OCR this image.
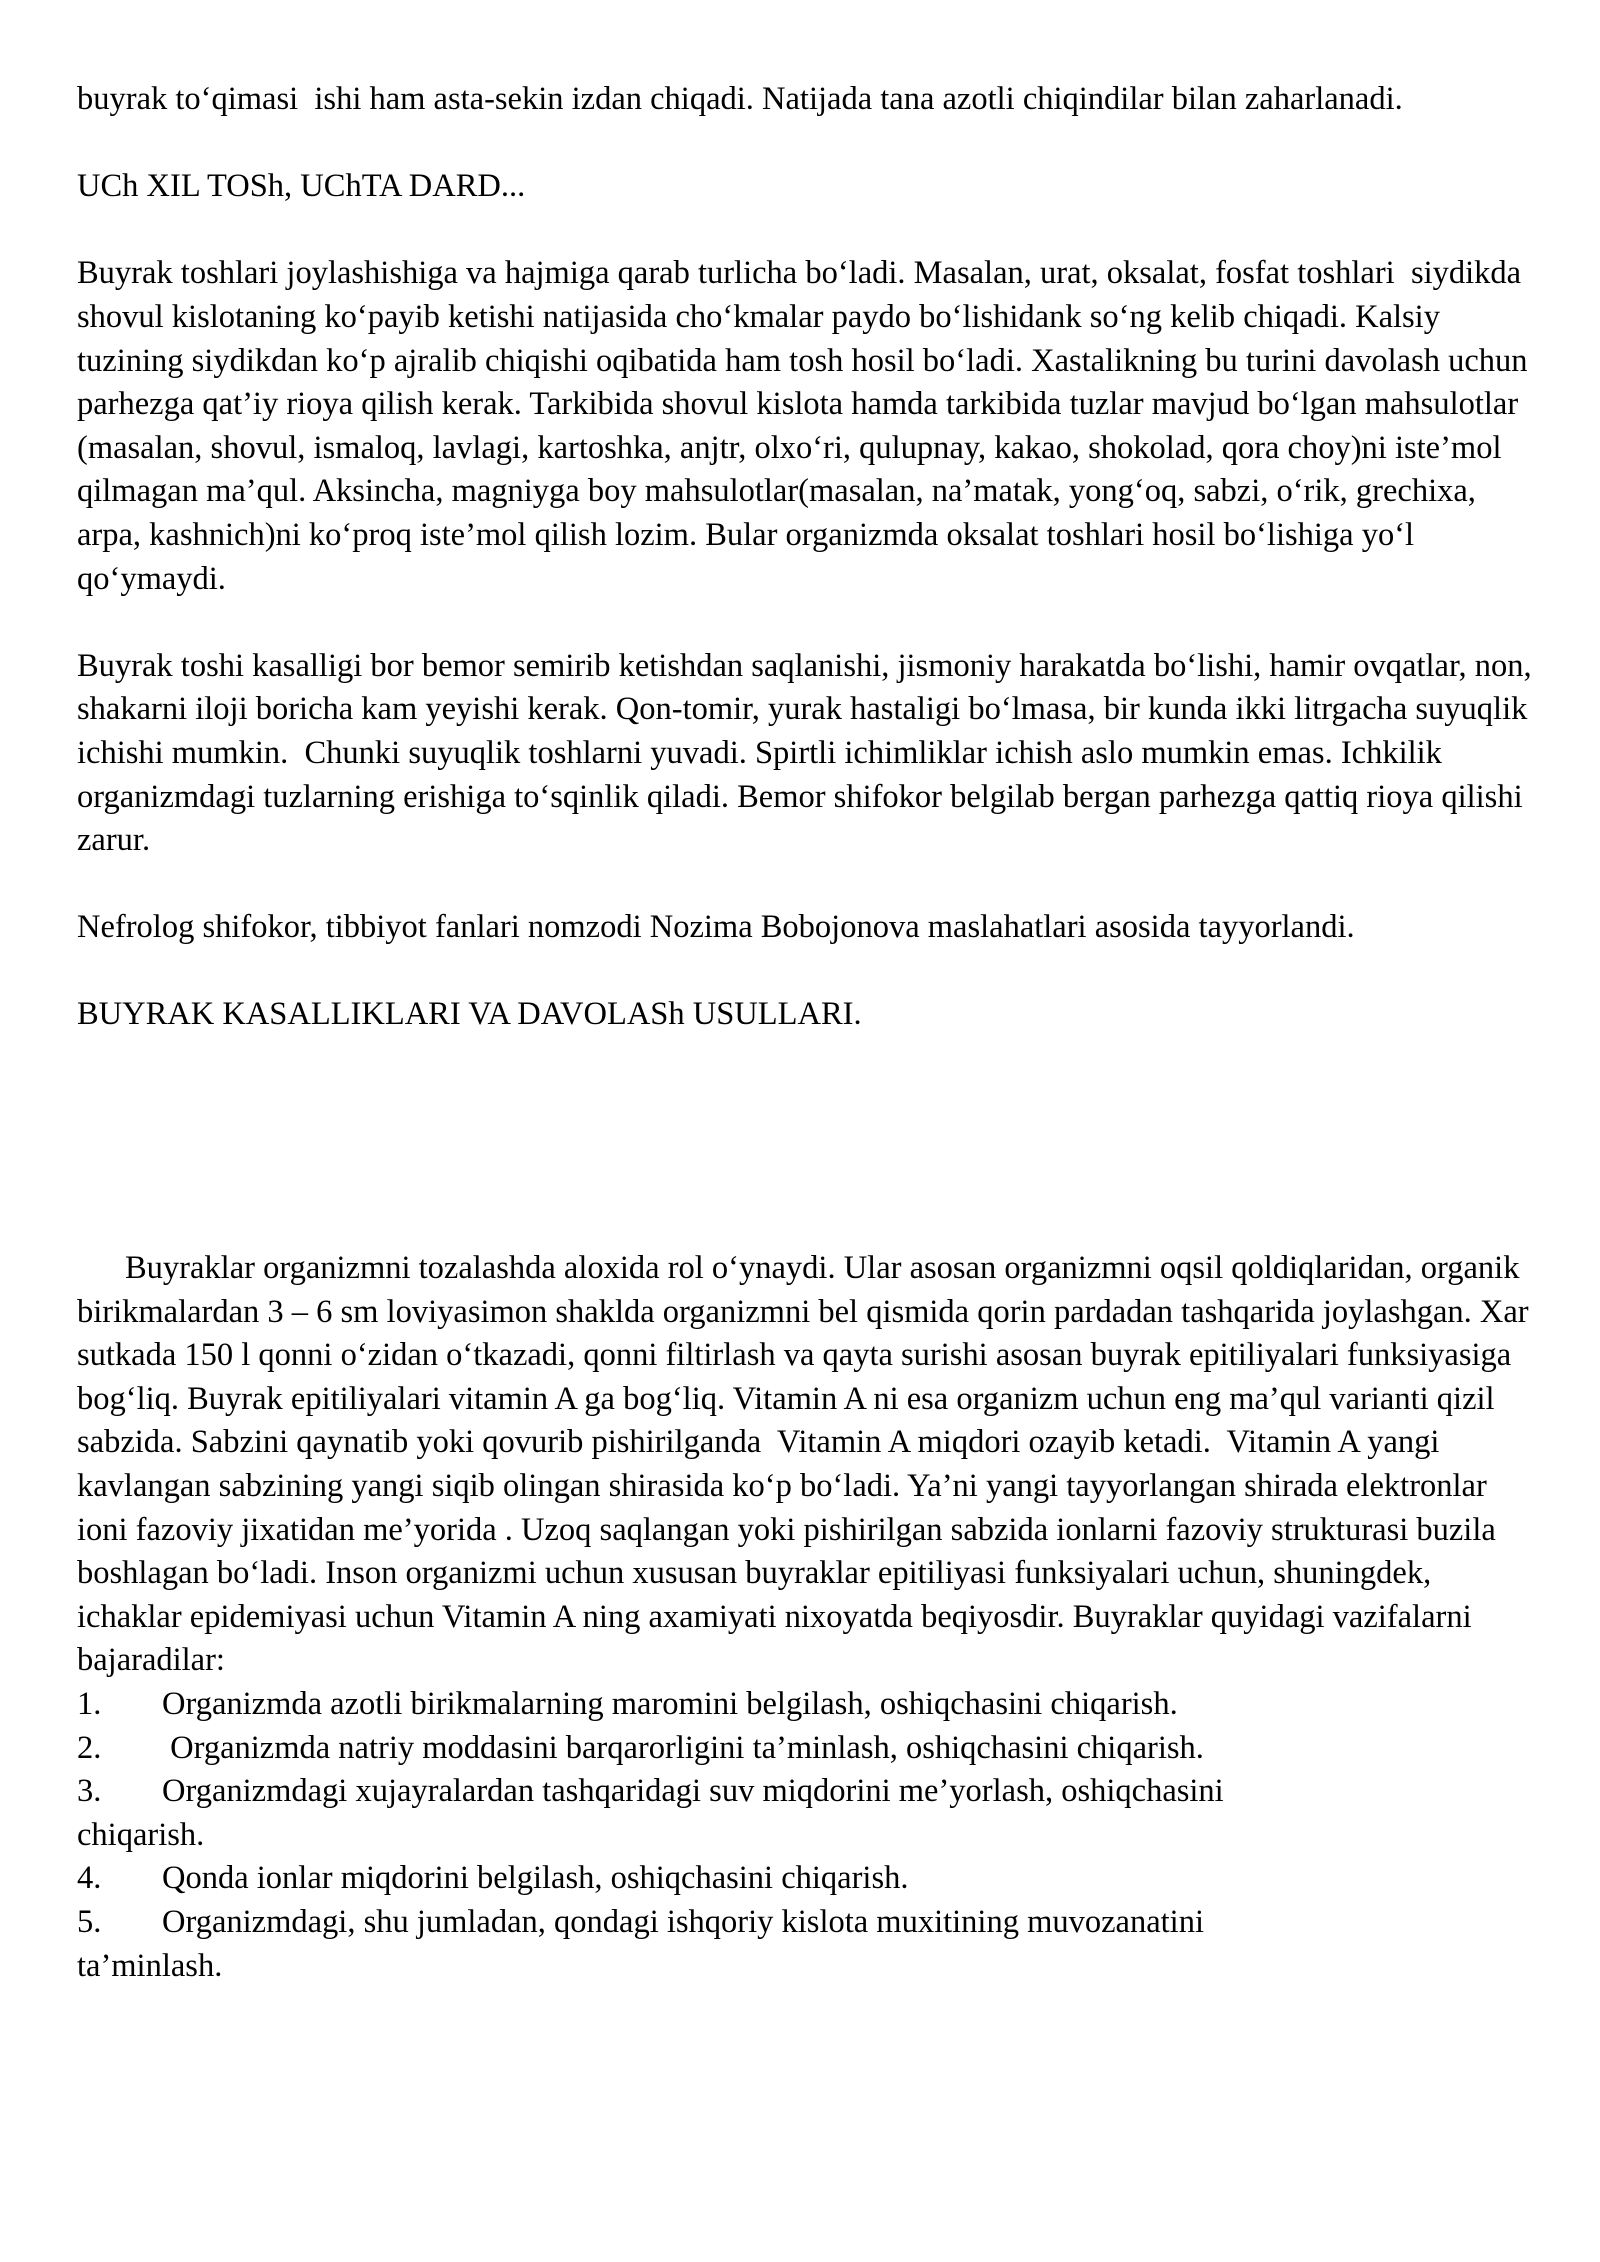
buyrak to‘qimasi  ishi ham asta-sekin izdan chiqadi. Natijada tana azotli chiqindilar bilan zaharlanadi.

UCh XIL TOSh, UChTA DARD...

Buyrak toshlari joylashishiga va hajmiga qarab turlicha bo‘ladi. Masalan, urat, oksalat, fosfat toshlari  siydikda shovul kislotaning ko‘payib ketishi natijasida cho‘kmalar paydo bo‘lishidank so‘ng kelib chiqadi. Kalsiy tuzining siydikdan ko‘p ajralib chiqishi oqibatida ham tosh hosil bo‘ladi. Xastalikning bu turini davolash uchun parhezga qat’iy rioya qilish kerak. Tarkibida shovul kislota hamda tarkibida tuzlar mavjud bo‘lgan mahsulotlar  (masalan, shovul, ismaloq, lavlagi, kartoshka, anjtr, olxo‘ri, qulupnay, kakao, shokolad, qora choy)ni iste’mol qilmagan ma’qul. Aksincha, magniyga boy mahsulotlar(masalan, na’matak, yong‘oq, sabzi, o‘rik, grechixa, arpa, kashnich)ni ko‘proq iste’mol qilish lozim. Bular organizmda oksalat toshlari hosil bo‘lishiga yo‘l qo‘ymaydi.

Buyrak toshi kasalligi bor bemor semirib ketishdan saqlanishi, jismoniy harakatda bo‘lishi, hamir ovqatlar, non, shakarni iloji boricha kam yeyishi kerak. Qon-tomir, yurak hastaligi bo‘lmasa, bir kunda ikki litrgacha suyuqlik ichishi mumkin.  Chunki suyuqlik toshlarni yuvadi. Spirtli ichimliklar ichish aslo mumkin emas. Ichkilik organizmdagi tuzlarning erishiga to‘sqinlik qiladi. Bemor shifokor belgilab bergan parhezga qattiq rioya qilishi zarur.

Nefrolog shifokor, tibbiyot fanlari nomzodi Nozima Bobojonova maslahatlari asosida tayyorlandi.

BUYRAK KASALLIKLARI VA DAVOLASh USULLARI.

Buyraklar organizmni tozalashda aloxida rol o‘ynaydi. Ular asosan organizmni oqsil qoldiqlaridan, organik birikmalardan 3 – 6 sm loviyasimon shakldа organizmni bel qismida qorin pardadan tashqarida joylashgan. Xar sutkada 150 l qonni o‘zidan o‘tkazadi, qonni filtirlash va qayta surishi asosan buyrak epitiliyalari funksiyasiga bog‘liq. Buyrak epitiliyalari vitamin A ga bog‘liq. Vitamin A ni esa organizm uchun eng ma’qul varianti qizil sabzida. Sabzini qaynatib yoki qovurib pishirilganda  Vitamin A miqdori ozayib ketadi.  Vitamin A yangi kavlangan sabzining yangi siqib olingan shirasida ko‘p bo‘ladi. Ya’ni yangi tayyorlangan shirada elektronlar ioni fazoviy jixatidan me’yorida . Uzoq saqlangan yoki pishirilgan sabzida ionlarni fazoviy strukturasi buzila boshlagan bo‘ladi. Inson organizmi uchun xususan buyraklar epitiliyasi funksiyalari uchun, shuningdek, ichaklar epidemiyasi uchun Vitamin A ning axamiyati nixoyatda beqiyosdir. Buyraklar quyidagi vazifalarni bajaradilar:

1.	Organizmda azotli birikmalarning maromini belgilash, oshiqchasini chiqarish.
2.	Organizmda natriy moddasini barqarorligini ta’minlash, oshiqchasini chiqarish.
3.	Organizmdagi xujayralardan tashqaridagi suv miqdorini me’yorlash, oshiqchasini

chiqarish.

4.	Qonda ionlar miqdorini belgilash, oshiqchasini chiqarish.
5.	Organizmdagi, shu jumladan, qondagi ishqoriy kislota muxitining muvozanatini

ta’minlash.
